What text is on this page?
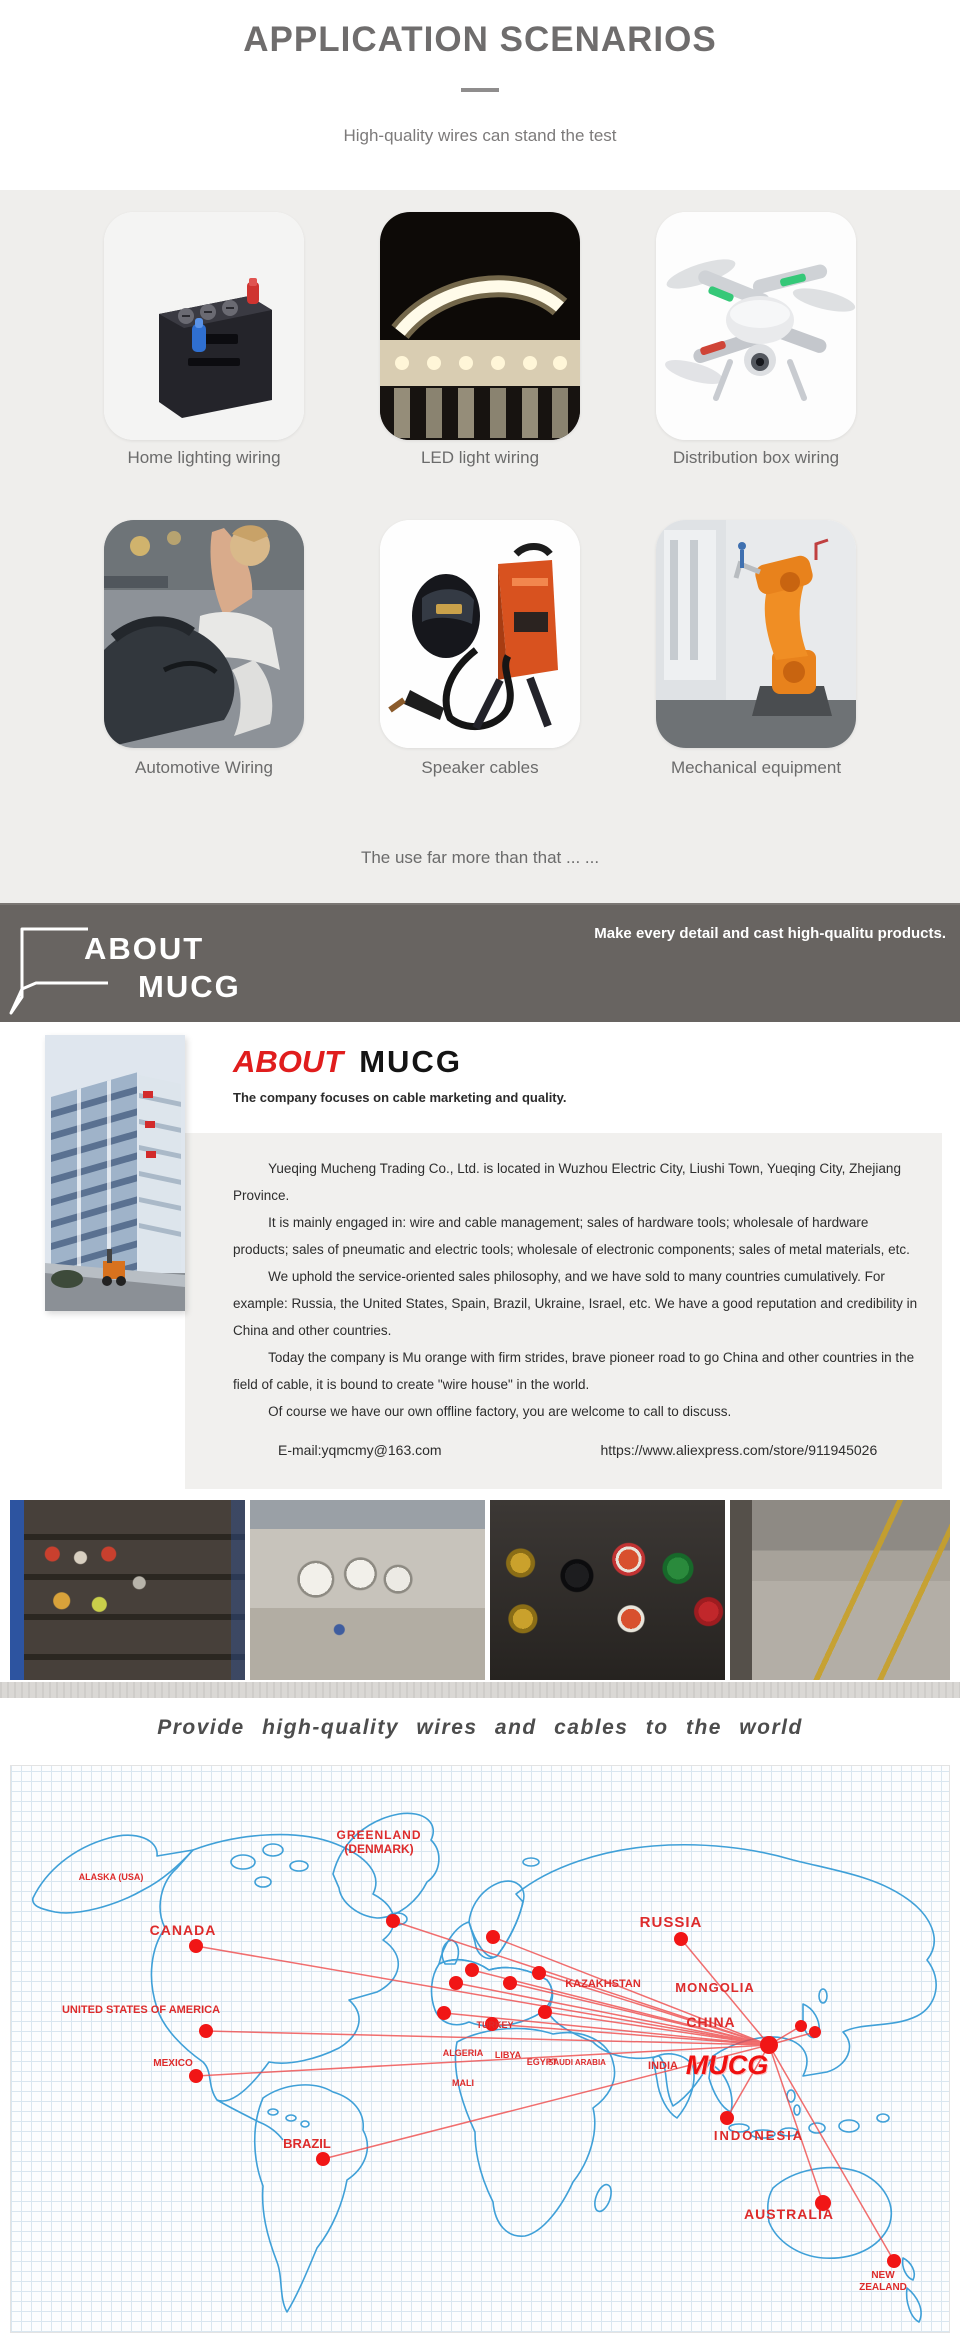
APPLICATION SCENARIOS
High-quality wires can stand the test
Home lighting wiring	LED light wiring	Distribution box wiring
Automotive Wiring	Speaker cables	Mechanical equipment
The use far more than that ... ...
ABOUT
MUCG
Make every detail and cast high-qualitu products.
ABOUT MUCG
The company focuses on cable marketing and quality.

Yueqing Mucheng Trading Co., Ltd. is located in Wuzhou Electric City, Liushi Town, Yueqing City, Zhejiang Province.

It is mainly engaged in: wire and cable management; sales of hardware tools; wholesale of hardware products; sales of pneumatic and electric tools; wholesale of electronic components; sales of metal materials, etc.

We uphold the service-oriented sales philosophy, and we have sold to many countries cumulatively. For example: Russia, the United States, Spain, Brazil, Ukraine, Israel, etc. We have a good reputation and credibility in China and other countries.

Today the company is Mu orange with firm strides, brave pioneer road to go China and other countries in the field of cable, it is bound to create "wire house" in the world.

Of course we have our own offline factory, you are welcome to call to discuss.

E-mail:yqmcmy@163.com	https://www.aliexpress.com/store/911945026
Provide high-quality wires and cables to the world
ALASKA (USA)
GREENLAND
(DENMARK)
CANADA
UNITED STATES OF AMERICA
MEXICO
BRAZIL
RUSSIA
KAZAKHSTAN	MONGOLIA
CHINA
MUCG
INDIA
INDONESIA
AUSTRALIA
NEW
ZEALAND
ALGERIA LIBYA
EGYPT
MALI
SAUDI ARABIA
TURKEY
